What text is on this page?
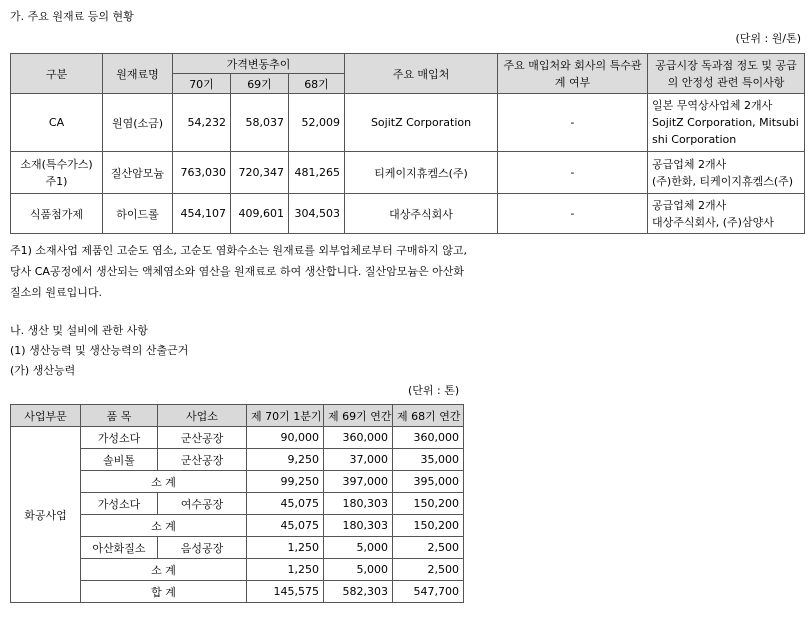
가. 주요 원재료 등의 현황
(단위 : 원/톤)
구분	원재료명	가격변동추이			주요 매입처	주요 매입처와 회사의 특수관계 여부	공급시장 독과점 정도 및 공급의 안정성 관련 특이사항
		70기	69기	68기			
CA	원염(소금)	54,232	58,037	52,009	SojitZ Corporation	-	일본 무역상사업체 2개사
SojitZ Corporation, Mitsubishi Corporation
소재(특수가스)
주1)	질산암모늄	763,030	720,347	481,265	티케이지휴켐스(주)	-	공급업체 2개사
(주)한화, 티케이지휴켐스(주)
식품첨가제	하이드롤	454,107	409,601	304,503	대상주식회사	-	공급업체 2개사
대상주식회사, (주)삼양사
주1) 소재사업 제품인 고순도 염소, 고순도 염화수소는 원재료를 외부업체로부터 구매하지 않고, 당사 CA공정에서 생산되는 액체염소와 염산을 원재료로 하여 생산합니다. 질산암모늄은 아산화질소의 원료입니다.
나. 생산 및 설비에 관한 사항
(1) 생산능력 및 생산능력의 산출근거
(가) 생산능력
(단위 : 톤)
사업부문	품 목	사업소	제 70기 1분기	제 69기 연간	제 68기 연간
화공사업	가성소다	군산공장	90,000	360,000	360,000
	솔비톨	군산공장	9,250	37,000	35,000
	소 계		99,250	397,000	395,000
	가성소다	여수공장	45,075	180,303	150,200
	소 계		45,075	180,303	150,200
	아산화질소	음성공장	1,250	5,000	2,500
	소 계		1,250	5,000	2,500
	합 계		145,575	582,303	547,700
